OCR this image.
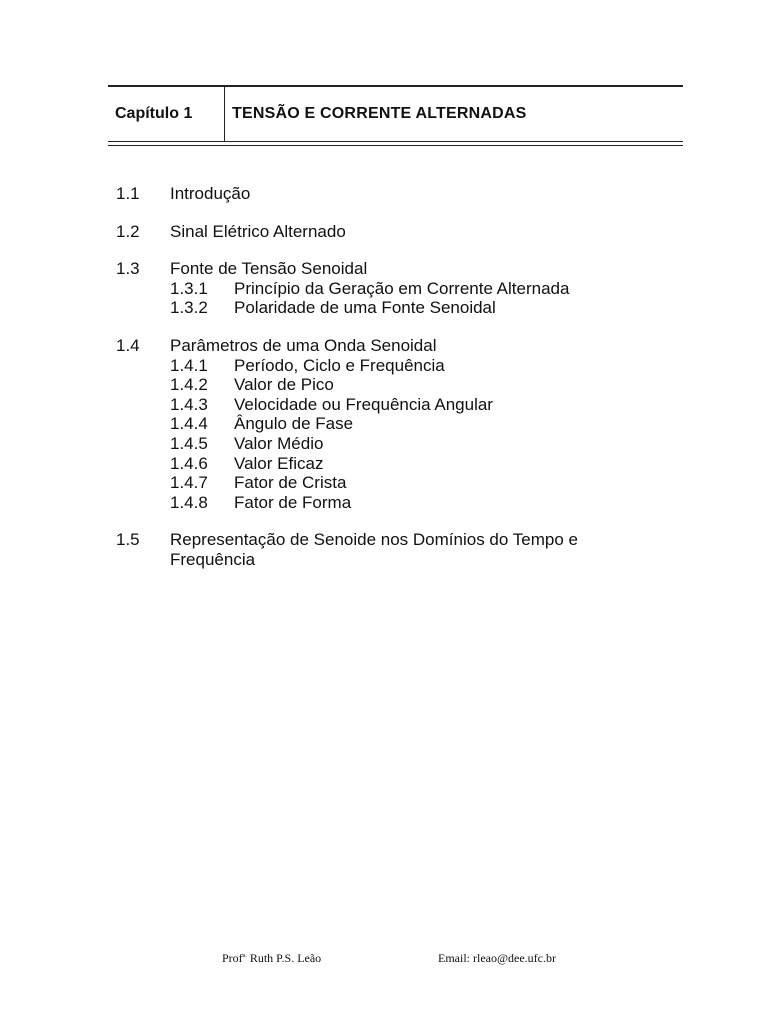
Capítulo 1 TENSÃO E CORRENTE ALTERNADAS
1.1	Introdução
1.2	Sinal Elétrico Alternado
1.3	Fonte de Tensão Senoidal
1.3.1	Princípio da Geração em Corrente Alternada
1.3.2	Polaridade de uma Fonte Senoidal
1.4	Parâmetros de uma Onda Senoidal
1.4.1	Período, Ciclo e Frequência
1.4.2	Valor de Pico
1.4.3	Velocidade ou Frequência Angular
1.4.4	Ângulo de Fase
1.4.5	Valor Médio
1.4.6	Valor Eficaz
1.4.7	Fator de Crista
1.4.8	Fator de Forma
1.5	Representação de Senoide nos Domínios do Tempo e
Frequência
Prof$^{a.}$ Ruth P.S. Leão	Email: rleao@dee.ufc.br
